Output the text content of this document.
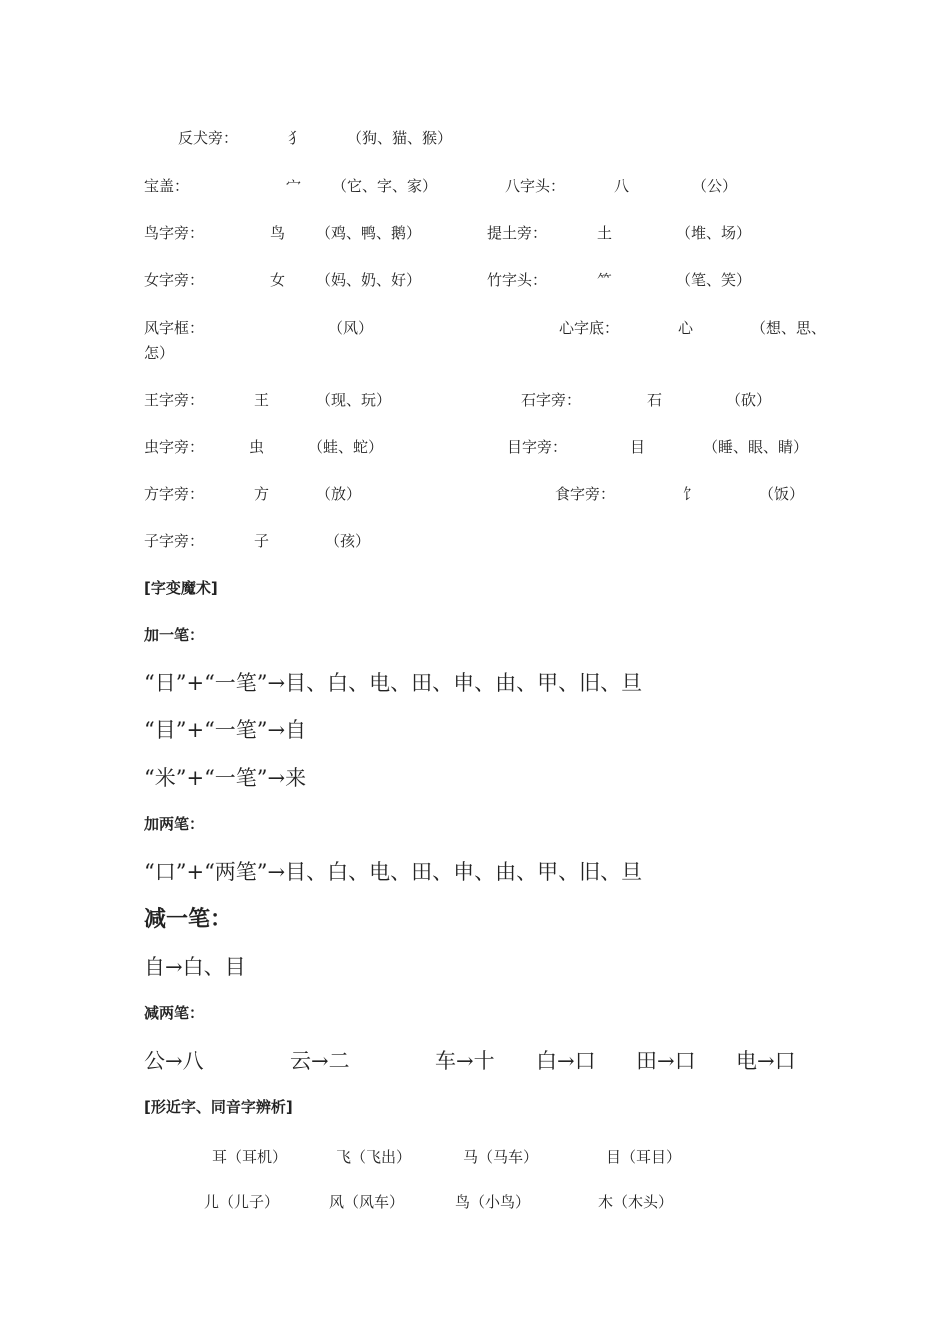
反犬旁：	犭	（狗、猫、猴）
宝盖：	宀 （它、字、家）	八字头：	八	（公）
鸟字旁：	鸟 （鸡、鸭、鹅）	提土旁：	土	（堆、场）
女字旁：	女 （妈、奶、好）	竹字头：	⺮	（笔、笑）
风字框：	（风）	心字底：	心	（想、思、
怎）
王字旁：	王	（现、玩）	石字旁：	石	（砍）
虫字旁：	虫	（蛙、蛇）	目字旁：	目	（睡、眼、睛）
方字旁：	方	（放）	食字旁：	饣	（饭）
子字旁：	子	（孩）
[字变魔术]
加一笔：
“日”+“一笔”→目、白、电、田、申、由、甲、旧、旦
“目”+“一笔”→自
“米”+“一笔”→来
加两笔：
“口”+“两笔”→目、白、电、田、申、由、甲、旧、旦
减一笔：
自→白、目
减两笔：
公→八	云→二	车→十 白→口 田→口 电→口
[形近字、同音字辨析]
耳（耳机）	飞（飞出）	马（马车）	目（耳目）
儿（儿子）	风（风车）	鸟（小鸟）	木（木头）
